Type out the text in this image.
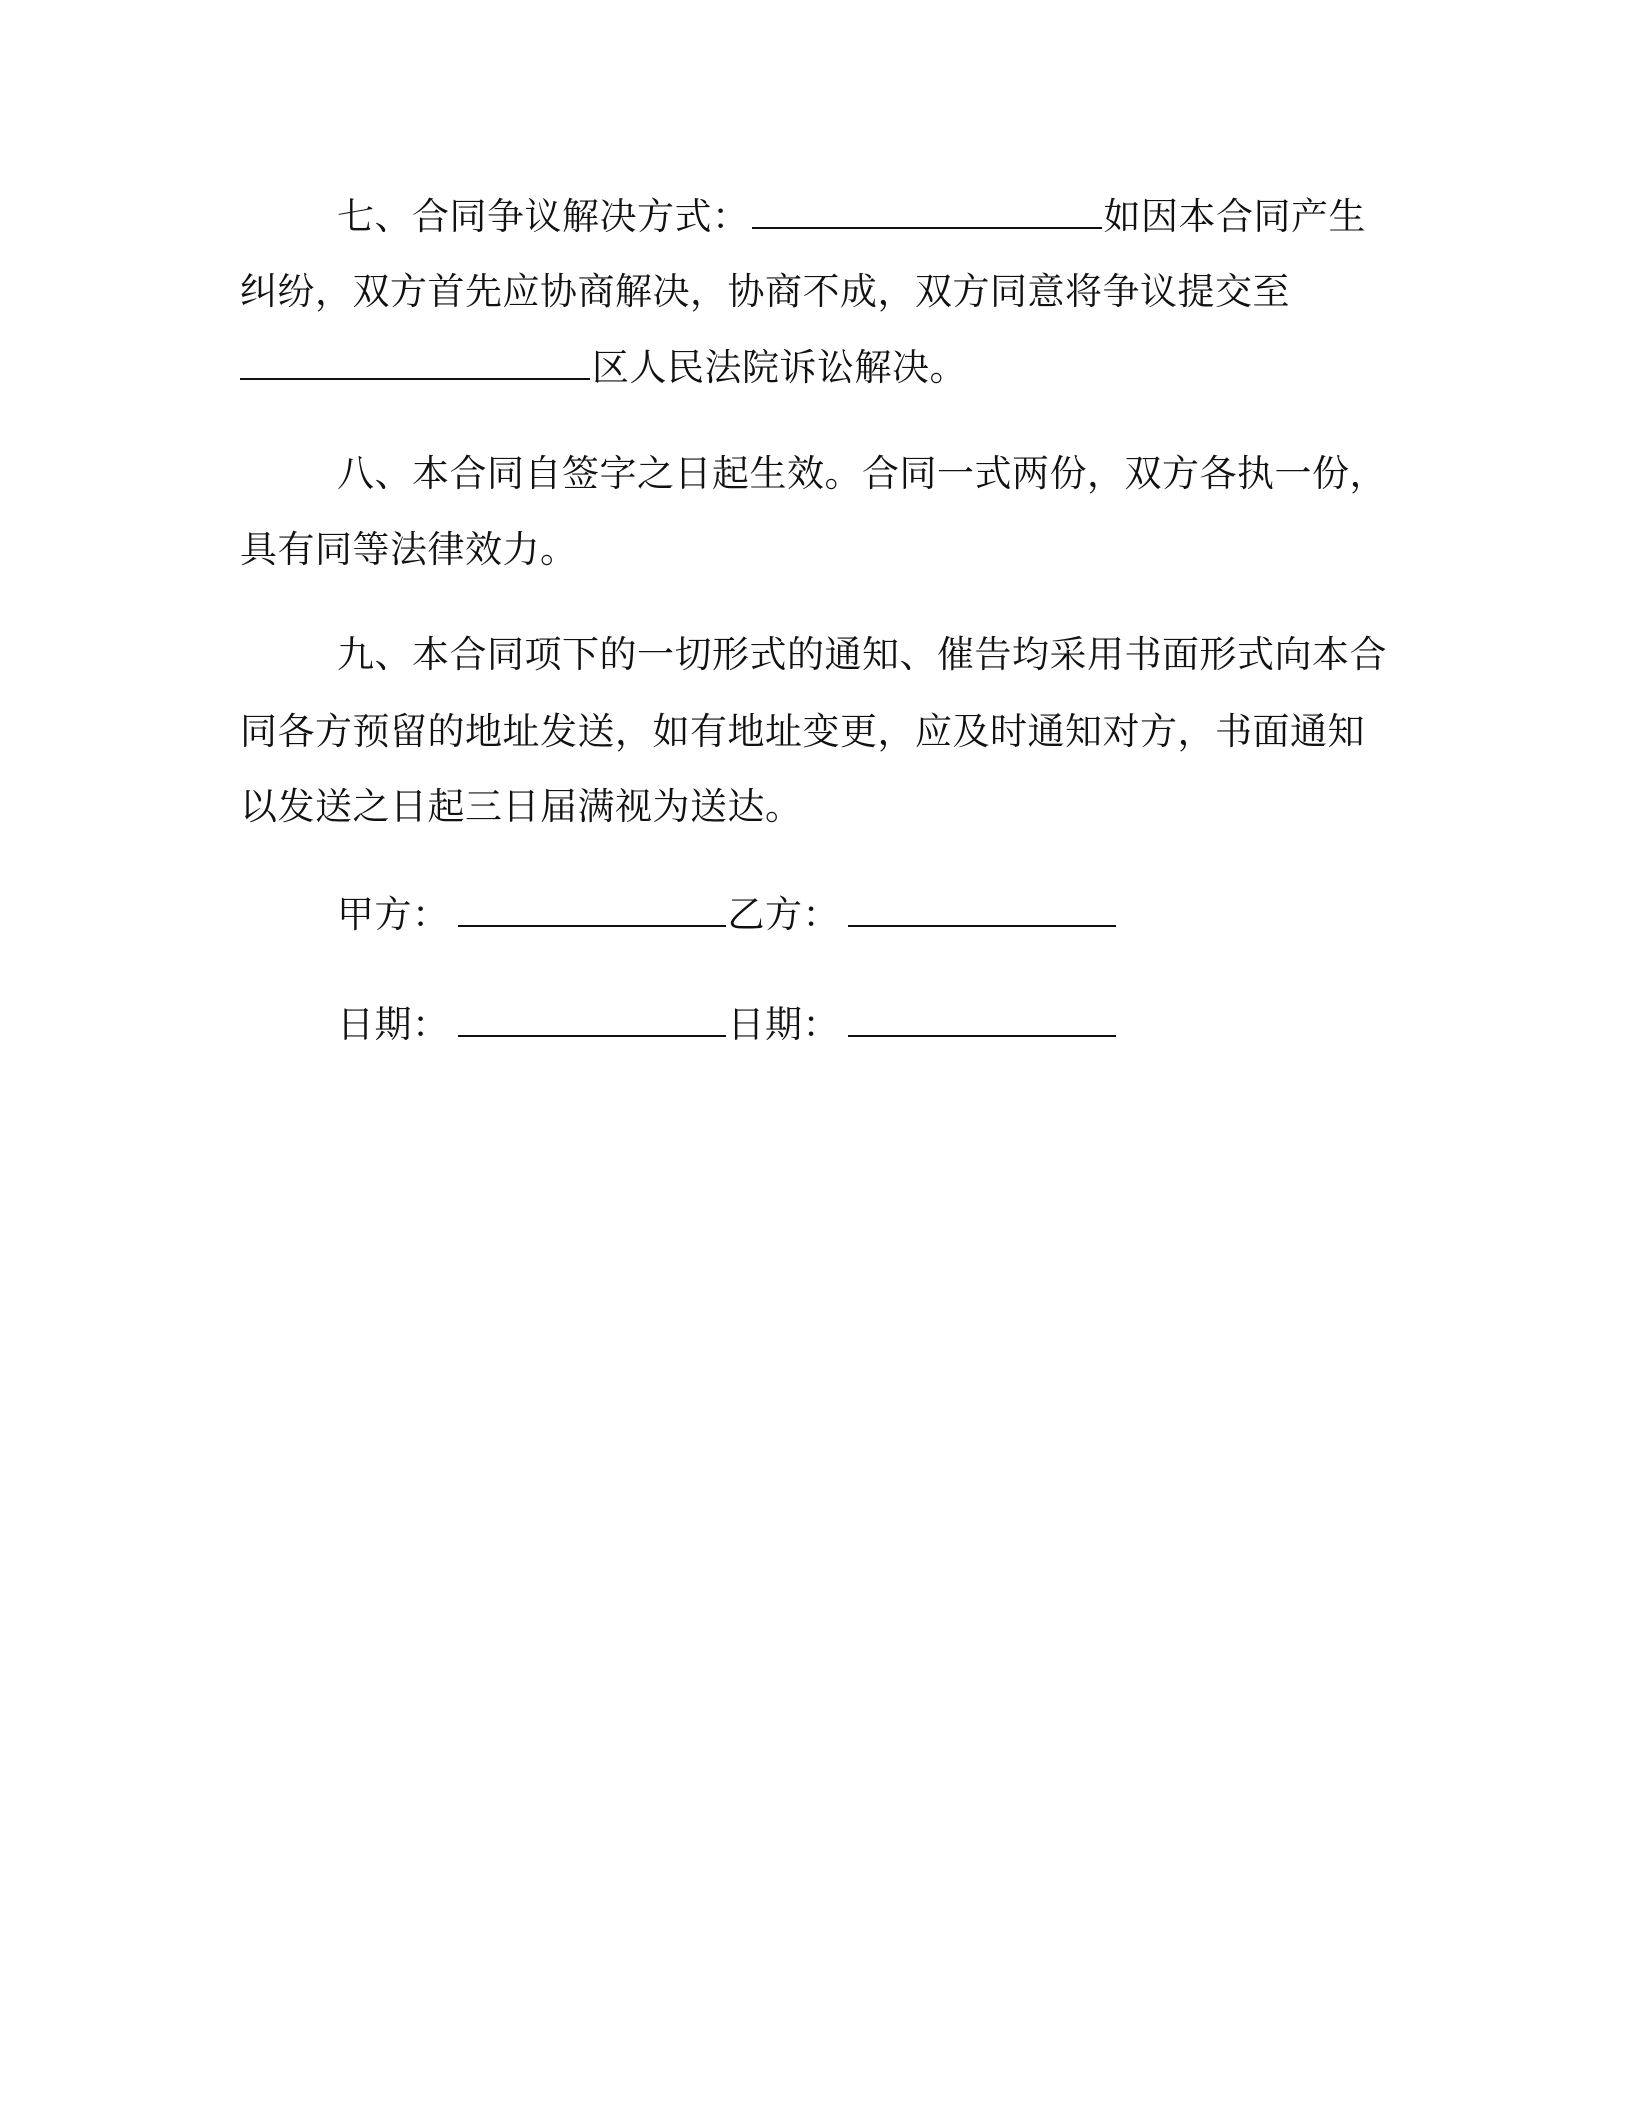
七、合同争议解决方式：	如因本合同产生
纠纷，双方首先应协商解决，协商不成，双方同意将争议提交至
区人民法院诉讼解决。
八、本合同自签字之日起生效。合同一式两份，双方各执一份，
具有同等法律效力。
九、本合同项下的一切形式的通知、催告均采用书面形式向本合
同各方预留的地址发送，如有地址变更，应及时通知对方，书面通知
以发送之日起三日届满视为送达。
甲方：	乙方：
日期：	日期：
